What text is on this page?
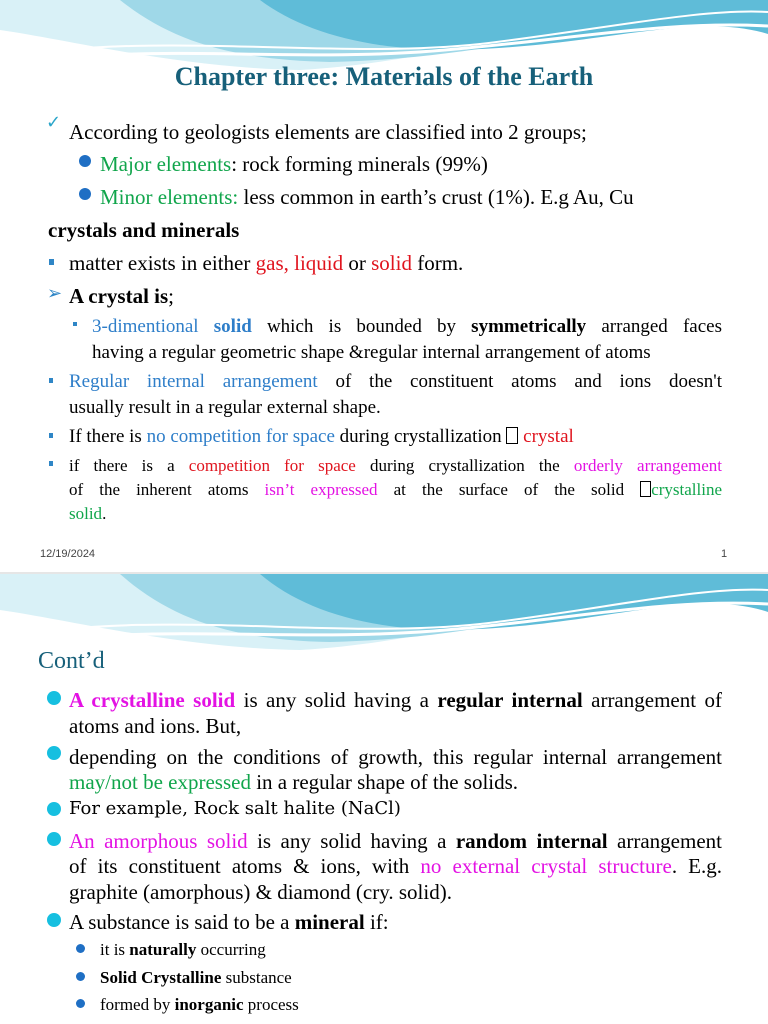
Chapter three: Materials of the Earth
✓ According to geologists elements are classified into 2 groups;
Major elements: rock forming minerals (99%)
Minor elements: less common in earth’s crust (1%). E.g Au, Cu
crystals and minerals
matter exists in either gas, liquid or solid form.
➢ A crystal is;
3-dimentional solid which is bounded by symmetrically arranged faces
having a regular geometric shape &regular internal arrangement of atoms
Regular internal arrangement of the constituent atoms and ions doesn't
usually result in a regular external shape.
If there is no competition for space during crystallization  crystal
if there is a competition for space during crystallization the orderly arrangement
of the inherent atoms isn’t expressed at the surface of the solid crystalline
solid.
12/19/2024	1
Cont’d
A crystalline solid is any solid having a regular internal arrangement of
atoms and ions. But,
depending on the conditions of growth, this regular internal arrangement
may/not be expressed in a regular shape of the solids.
For example, Rock salt halite (NaCl)
An amorphous solid is any solid having a random internal arrangement
of its constituent atoms & ions, with no external crystal structure. E.g.
graphite (amorphous) & diamond (cry. solid).
A substance is said to be a mineral if:
it is naturally occurring
Solid Crystalline substance
formed by inorganic process
